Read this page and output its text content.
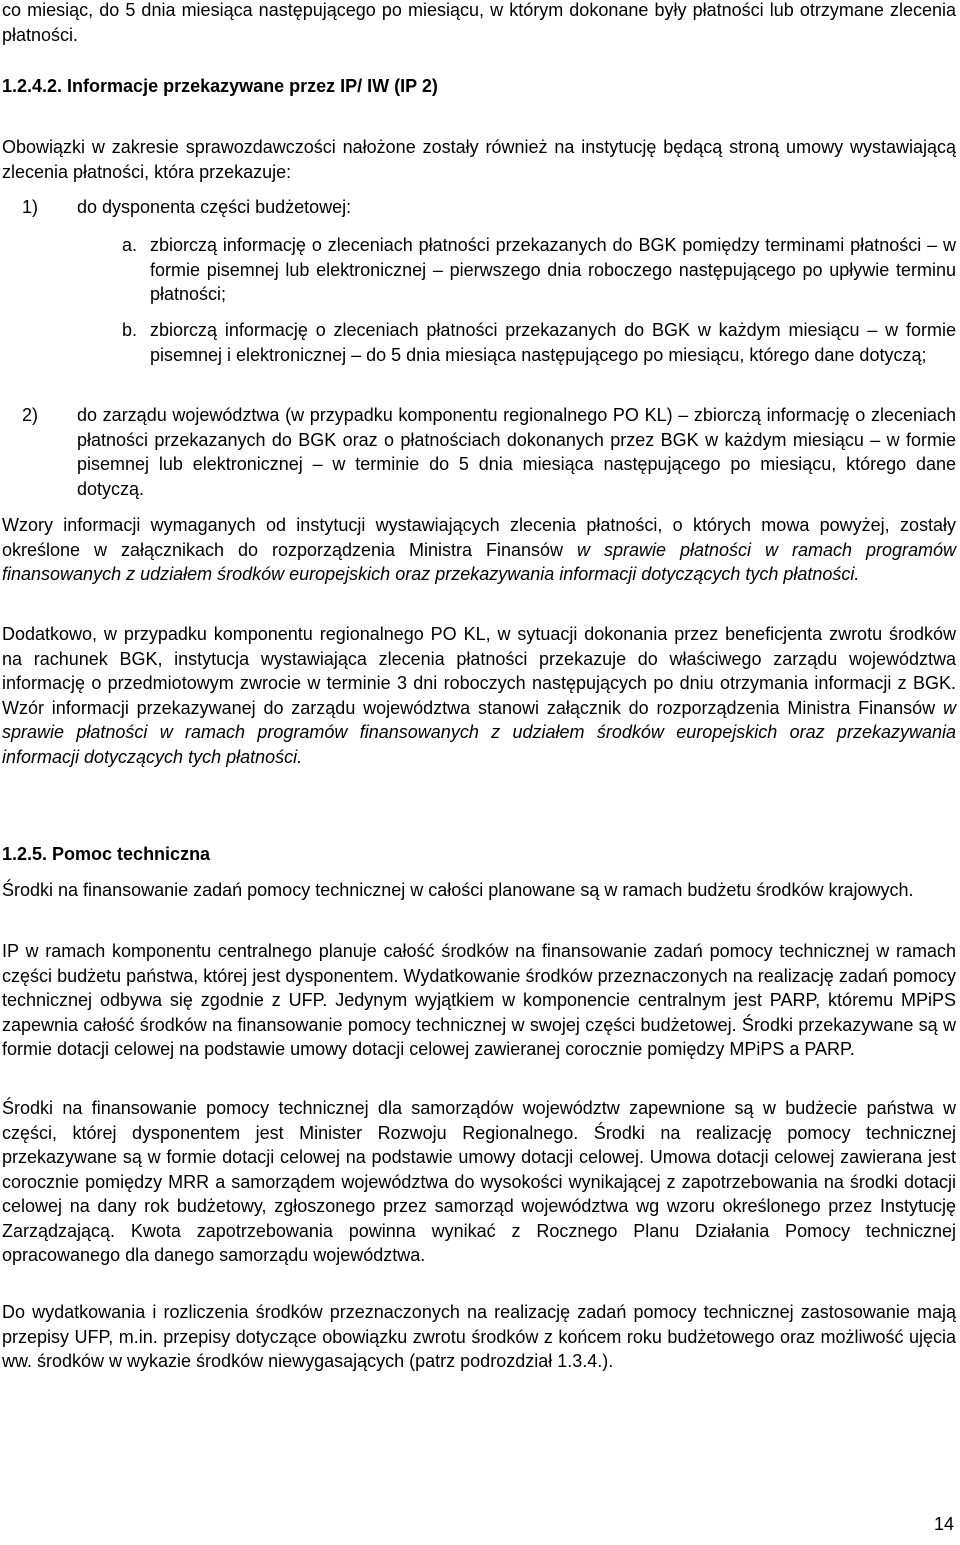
co miesiąc, do 5 dnia miesiąca następującego po miesiącu, w którym dokonane były płatności lub otrzymane zlecenia płatności.

1.2.4.2. Informacje przekazywane przez IP/ IW (IP 2)

Obowiązki w zakresie sprawozdawczości nałożone zostały również na instytucję będącą stroną umowy wystawiającą zlecenia płatności, która przekazuje:

1) do dysponenta części budżetowej:

a. zbiorczą informację o zleceniach płatności przekazanych do BGK pomiędzy terminami płatności – w formie pisemnej lub elektronicznej – pierwszego dnia roboczego następującego po upływie terminu płatności;

b. zbiorczą informację o zleceniach płatności przekazanych do BGK w każdym miesiącu – w formie pisemnej i elektronicznej – do 5 dnia miesiąca następującego po miesiącu, którego dane dotyczą;

2) do zarządu województwa (w przypadku komponentu regionalnego PO KL) – zbiorczą informację o zleceniach płatności przekazanych do BGK oraz o płatnościach dokonanych przez BGK w każdym miesiącu – w formie pisemnej lub elektronicznej – w terminie do 5 dnia miesiąca następującego po miesiącu, którego dane dotyczą.

Wzory informacji wymaganych od instytucji wystawiających zlecenia płatności, o których mowa powyżej, zostały określone w załącznikach do rozporządzenia Ministra Finansów w sprawie płatności w ramach programów finansowanych z udziałem środków europejskich oraz przekazywania informacji dotyczących tych płatności.

Dodatkowo, w przypadku komponentu regionalnego PO KL, w sytuacji dokonania przez beneficjenta zwrotu środków na rachunek BGK, instytucja wystawiająca zlecenia płatności przekazuje do właściwego zarządu województwa informację o przedmiotowym zwrocie w terminie 3 dni roboczych następujących po dniu otrzymania informacji z BGK. Wzór informacji przekazywanej do zarządu województwa stanowi załącznik do rozporządzenia Ministra Finansów w sprawie płatności w ramach programów finansowanych z udziałem środków europejskich oraz przekazywania informacji dotyczących tych płatności.

1.2.5. Pomoc techniczna

Środki na finansowanie zadań pomocy technicznej w całości planowane są w ramach budżetu środków krajowych.

IP w ramach komponentu centralnego planuje całość środków na finansowanie zadań pomocy technicznej w ramach części budżetu państwa, której jest dysponentem. Wydatkowanie środków przeznaczonych na realizację zadań pomocy technicznej odbywa się zgodnie z UFP. Jedynym wyjątkiem w komponencie centralnym jest PARP, któremu MPiPS zapewnia całość środków na finansowanie pomocy technicznej w swojej części budżetowej. Środki przekazywane są w formie dotacji celowej na podstawie umowy dotacji celowej zawieranej corocznie pomiędzy MPiPS a PARP.

Środki na finansowanie pomocy technicznej dla samorządów województw zapewnione są w budżecie państwa w części, której dysponentem jest Minister Rozwoju Regionalnego. Środki na realizację pomocy technicznej przekazywane są w formie dotacji celowej na podstawie umowy dotacji celowej. Umowa dotacji celowej zawierana jest corocznie pomiędzy MRR a samorządem województwa do wysokości wynikającej z zapotrzebowania na środki dotacji celowej na dany rok budżetowy, zgłoszonego przez samorząd województwa wg wzoru określonego przez Instytucję Zarządzającą. Kwota zapotrzebowania powinna wynikać z Rocznego Planu Działania Pomocy technicznej opracowanego dla danego samorządu województwa.

Do wydatkowania i rozliczenia środków przeznaczonych na realizację zadań pomocy technicznej zastosowanie mają przepisy UFP, m.in. przepisy dotyczące obowiązku zwrotu środków z końcem roku budżetowego oraz możliwość ujęcia ww. środków w wykazie środków niewygasających (patrz podrozdział 1.3.4.).

14
